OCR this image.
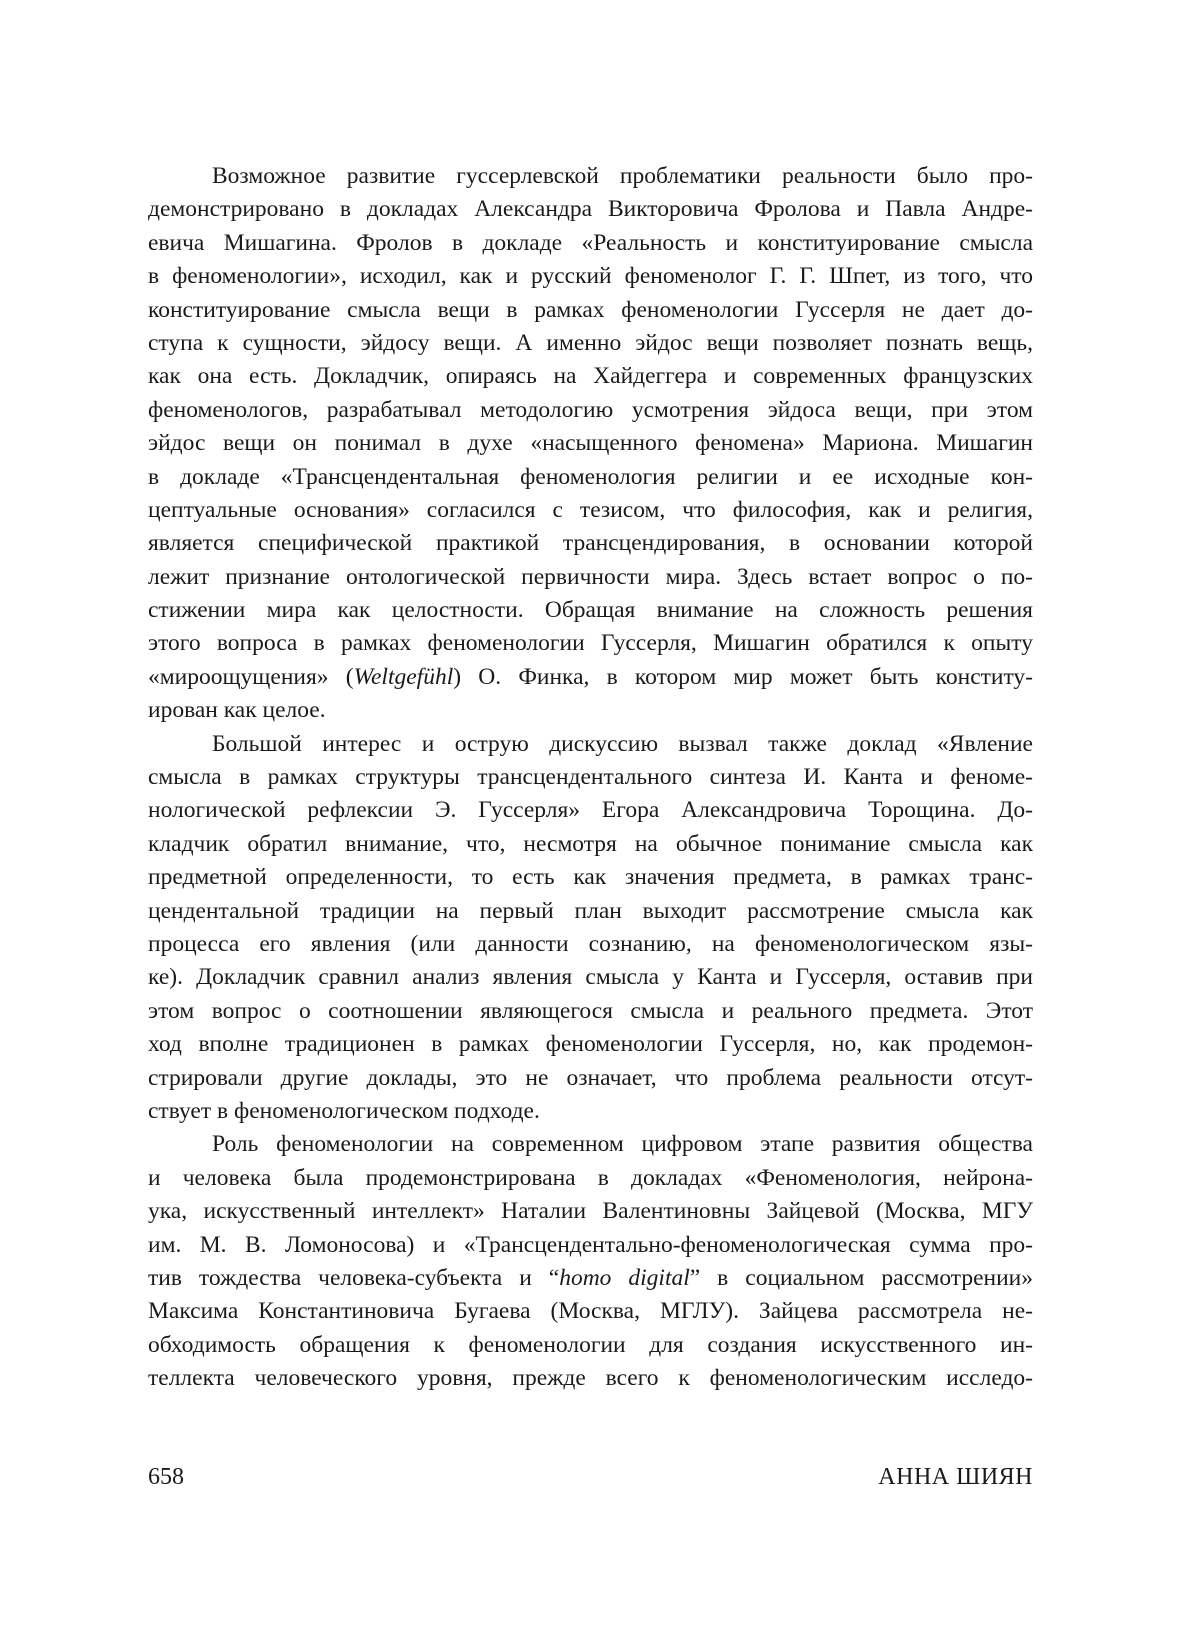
Возможное развитие гуссерлевской проблематики реальности было про-
демонстрировано в докладах Александра Викторовича Фролова и Павла Андре-
евича Мишагина. Фролов в докладе «Реальность и конституирование смысла
в феноменологии», исходил, как и русский феноменолог Г. Г. Шпет, из того, что
конституирование смысла вещи в рамках феноменологии Гуссерля не дает до-
ступа к сущности, эйдосу вещи. А именно эйдос вещи позволяет познать вещь,
как она есть. Докладчик, опираясь на Хайдеггера и современных французских
феноменологов, разрабатывал методологию усмотрения эйдоса вещи, при этом
эйдос вещи он понимал в духе «насыщенного феномена» Мариона. Мишагин
в докладе «Трансцендентальная феноменология религии и ее исходные кон-
цептуальные основания» согласился с тезисом, что философия, как и религия,
является специфической практикой трансцендирования, в основании которой
лежит признание онтологической первичности мира. Здесь встает вопрос о по-
стижении мира как целостности. Обращая внимание на сложность решения
этого вопроса в рамках феноменологии Гуссерля, Мишагин обратился к опыту
«мироощущения» (Weltgefühl) О. Финка, в котором мир может быть конститу-
ирован как целое.
Большой интерес и острую дискуссию вызвал также доклад «Явление
смысла в рамках структуры трансцендентального синтеза И. Канта и феноме-
нологической рефлексии Э. Гуссерля» Егора Александровича Торощина. До-
кладчик обратил внимание, что, несмотря на обычное понимание смысла как
предметной определенности, то есть как значения предмета, в рамках транс-
цендентальной традиции на первый план выходит рассмотрение смысла как
процесса его явления (или данности сознанию, на феноменологическом язы-
ке). Докладчик сравнил анализ явления смысла у Канта и Гуссерля, оставив при
этом вопрос о соотношении являющегося смысла и реального предмета. Этот
ход вполне традиционен в рамках феноменологии Гуссерля, но, как продемон-
стрировали другие доклады, это не означает, что проблема реальности отсут-
ствует в феноменологическом подходе.
Роль феноменологии на современном цифровом этапе развития общества
и человека была продемонстрирована в докладах «Феноменология, нейрона-
ука, искусственный интеллект» Наталии Валентиновны Зайцевой (Москва, МГУ
им. М. В. Ломоносова) и «Трансцендентально-феноменологическая сумма про-
тив тождества человека-субъекта и “homo digital” в социальном рассмотрении»
Максима Константиновича Бугаева (Москва, МГЛУ). Зайцева рассмотрела не-
обходимость обращения к феноменологии для создания искусственного ин-
теллекта человеческого уровня, прежде всего к феноменологическим исследо-
658	АННА ШИЯН
